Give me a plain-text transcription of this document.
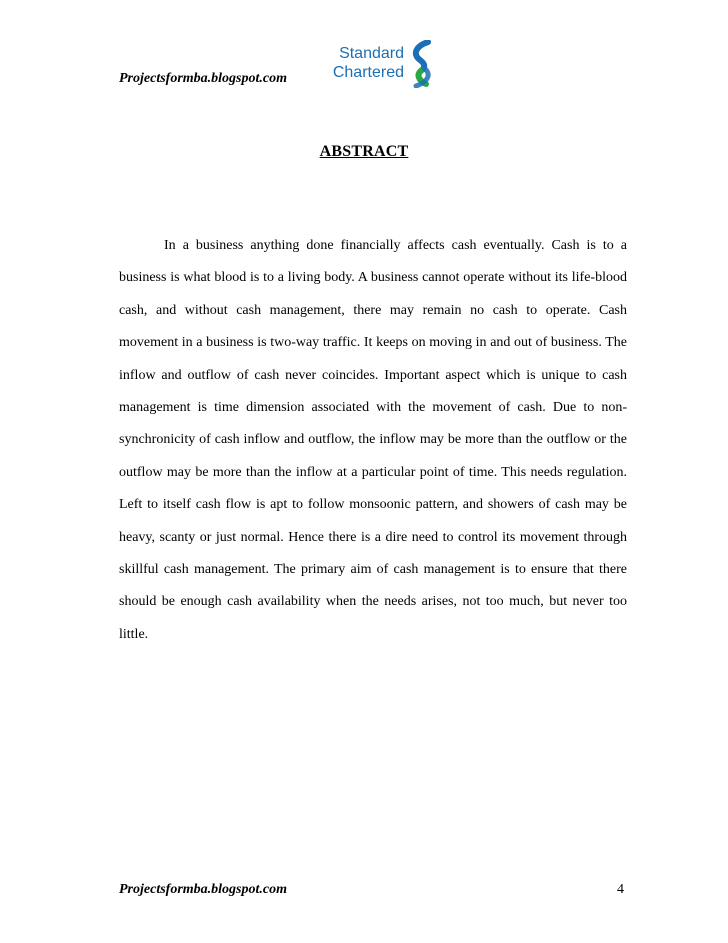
Projectsformba.blogspot.com
Standard
Chartered
ABSTRACT

In a business anything done financially affects cash eventually. Cash is to a business is what blood is to a living body. A business cannot operate without its life-blood cash, and without cash management, there may remain no cash to operate. Cash movement in a business is two-way traffic. It keeps on moving in and out of business. The inflow and outflow of cash never coincides. Important aspect which is unique to cash management is time dimension associated with the movement of cash. Due to non-synchronicity of cash inflow and outflow, the inflow may be more than the outflow or the outflow may be more than the inflow at a particular point of time. This needs regulation. Left to itself cash flow is apt to follow monsoonic pattern, and showers of cash may be heavy, scanty or just normal. Hence there is a dire need to control its movement through skillful cash management. The primary aim of cash management is to ensure that there should be enough cash availability when the needs arises, not too much, but never too little.

Projectsformba.blogspot.com	4
